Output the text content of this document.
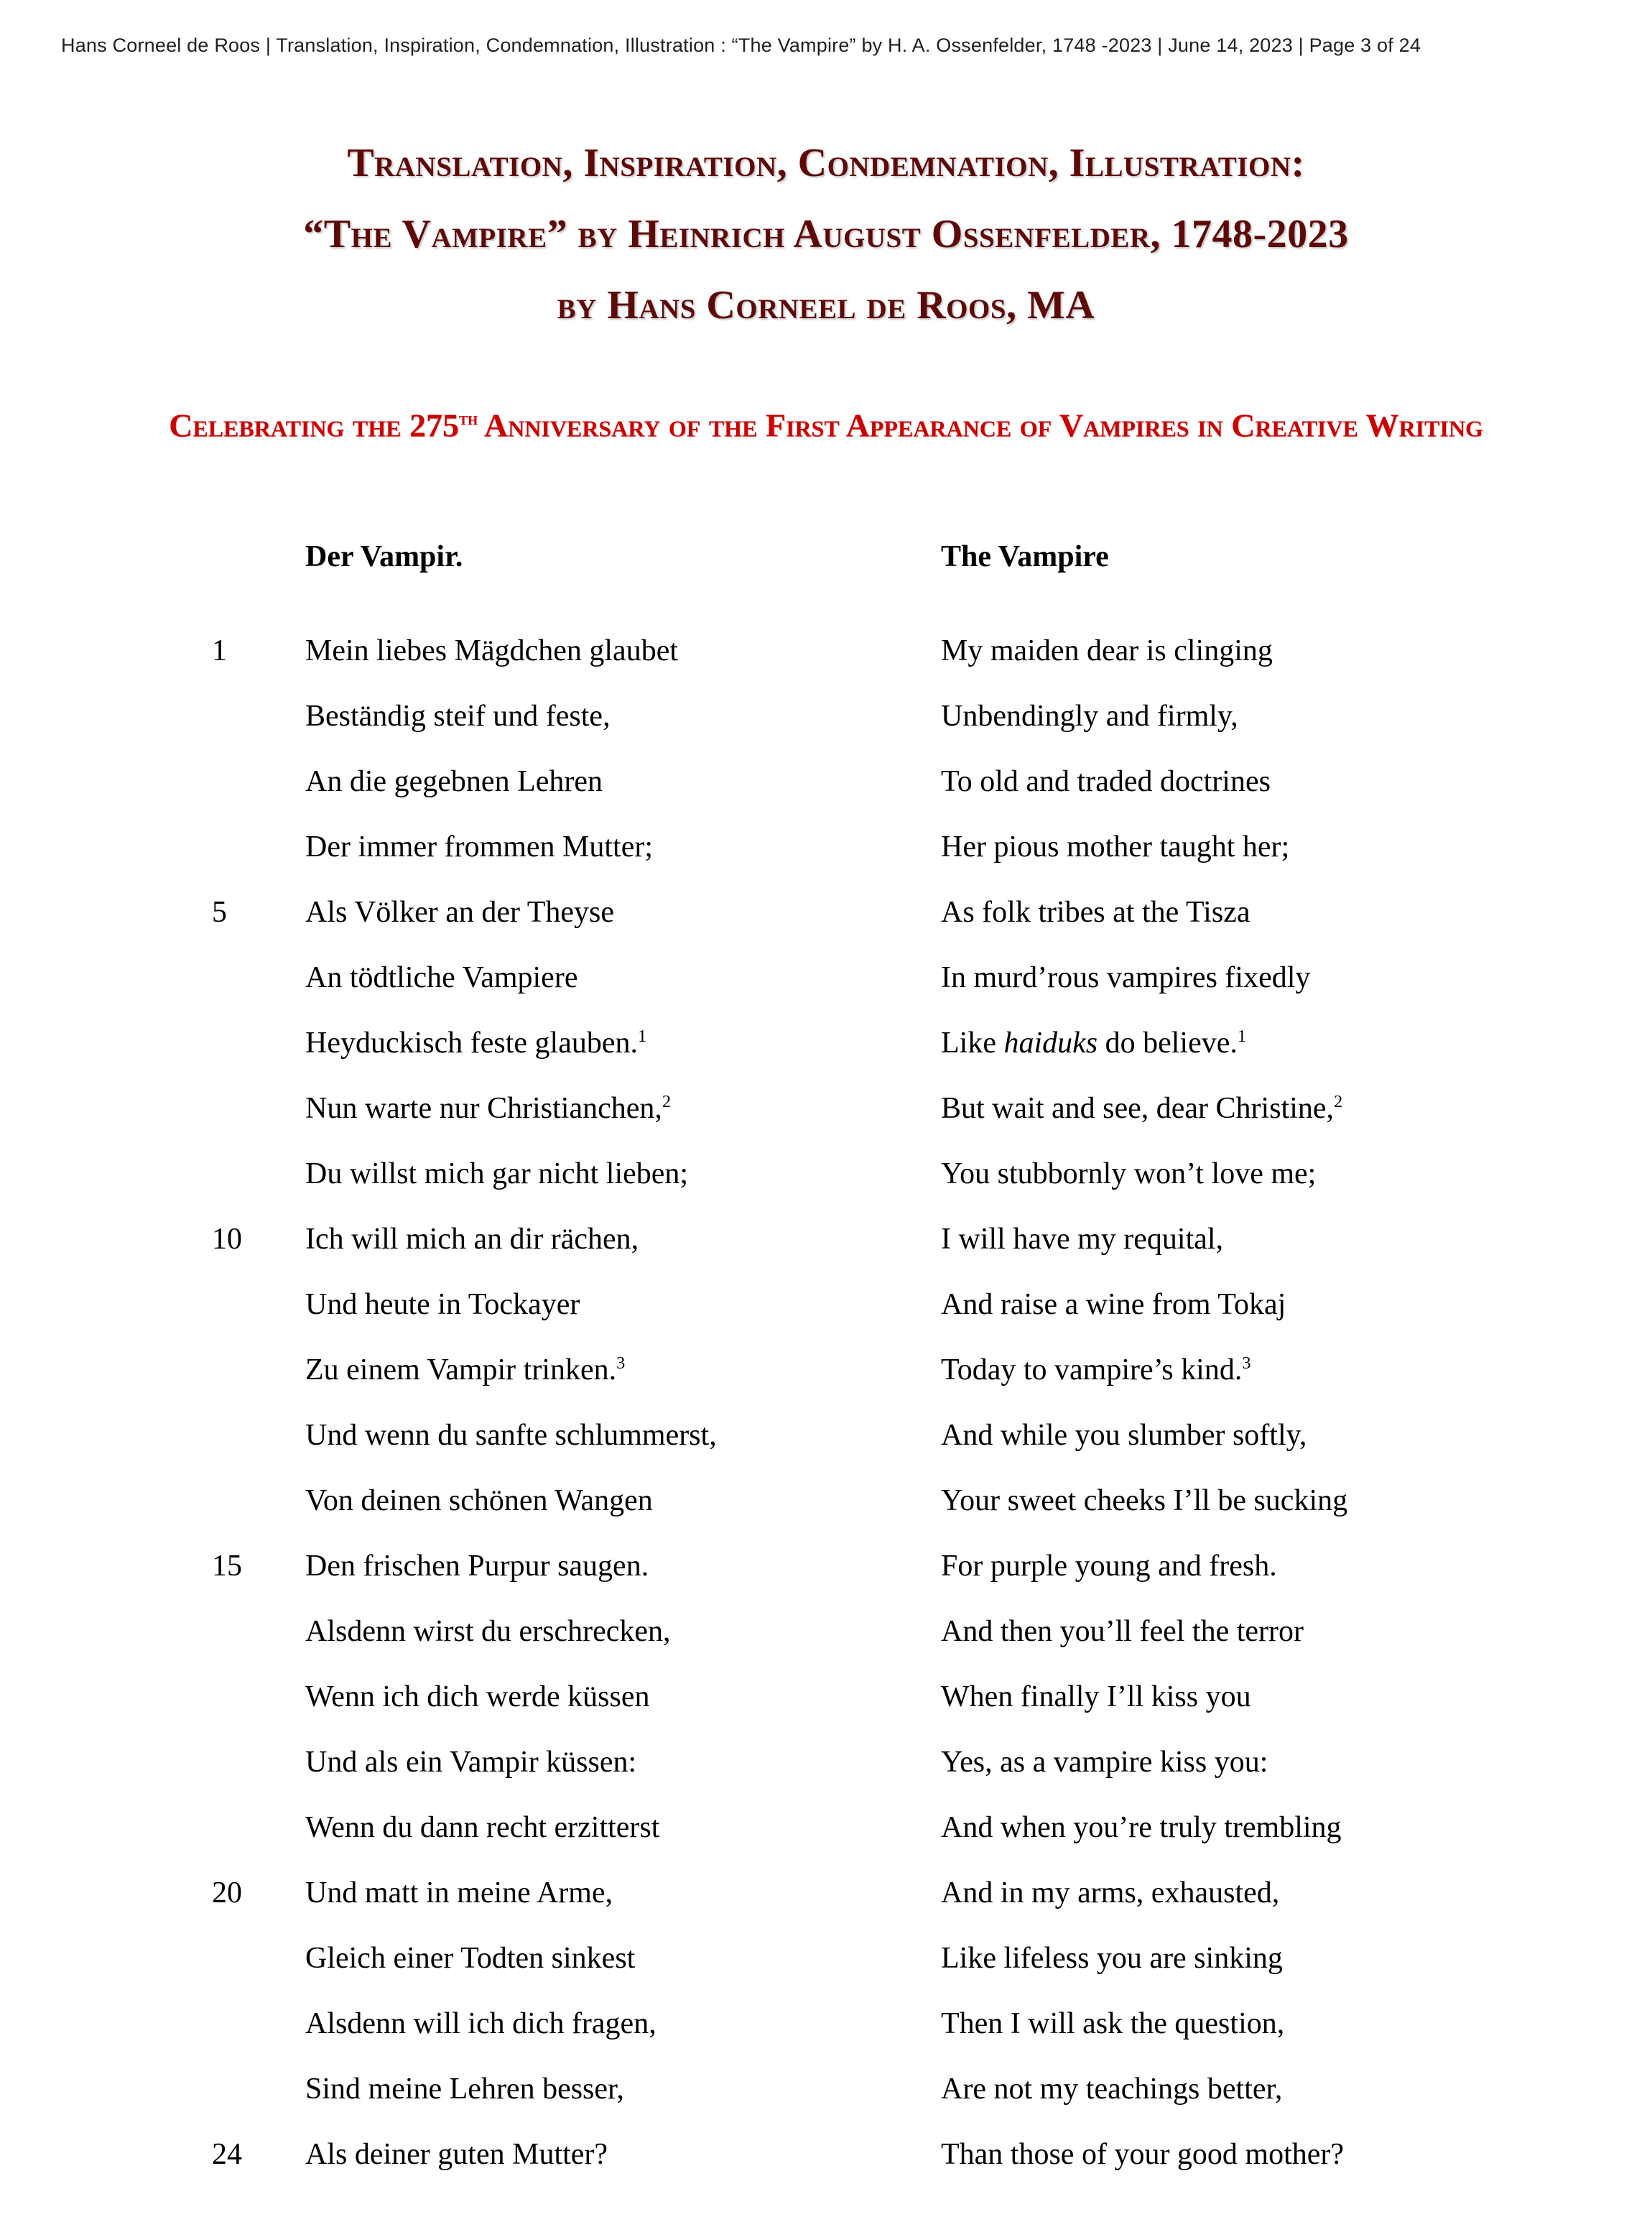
Hans Corneel de Roos | Translation, Inspiration, Condemnation, Illustration : “The Vampire” by H. A. Ossenfelder, 1748 -2023 | June 14, 2023 | Page 3 of 24
Translation, Inspiration, Condemnation, Illustration:
“The Vampire” by Heinrich August Ossenfelder, 1748-2023
by Hans Corneel de Roos, MA
Celebrating the 275th Anniversary of the First Appearance of Vampires in Creative Writing
Der Vampir.	The Vampire
1	Mein liebes Mägdchen glaubet	My maiden dear is clinging
Beständig steif und feste,	Unbendingly and firmly,
An die gegebnen Lehren	To old and traded doctrines
Der immer frommen Mutter;	Her pious mother taught her;
5	Als Völker an der Theyse	As folk tribes at the Tisza
An tödtliche Vampiere	In murd’rous vampires fixedly
Heyduckisch feste glauben.$^1$	Like haiduks do believe.$^1$
Nun warte nur Christianchen,$^2$	But wait and see, dear Christine,$^2$
Du willst mich gar nicht lieben;	You stubbornly won’t love me;
10	Ich will mich an dir rächen,	I will have my requital,
Und heute in Tockayer	And raise a wine from Tokaj
Zu einem Vampir trinken.$^3$	Today to vampire’s kind.$^3$
Und wenn du sanfte schlummerst,	And while you slumber softly,
Von deinen schönen Wangen	Your sweet cheeks I’ll be sucking
15	Den frischen Purpur saugen.	For purple young and fresh.
Alsdenn wirst du erschrecken,	And then you’ll feel the terror
Wenn ich dich werde küssen	When finally I’ll kiss you
Und als ein Vampir küssen:	Yes, as a vampire kiss you:
Wenn du dann recht erzitterst	And when you’re truly trembling
20	Und matt in meine Arme,	And in my arms, exhausted,
Gleich einer Todten sinkest	Like lifeless you are sinking
Alsdenn will ich dich fragen,	Then I will ask the question,
Sind meine Lehren besser,	Are not my teachings better,
24	Als deiner guten Mutter?	Than those of your good mother?
